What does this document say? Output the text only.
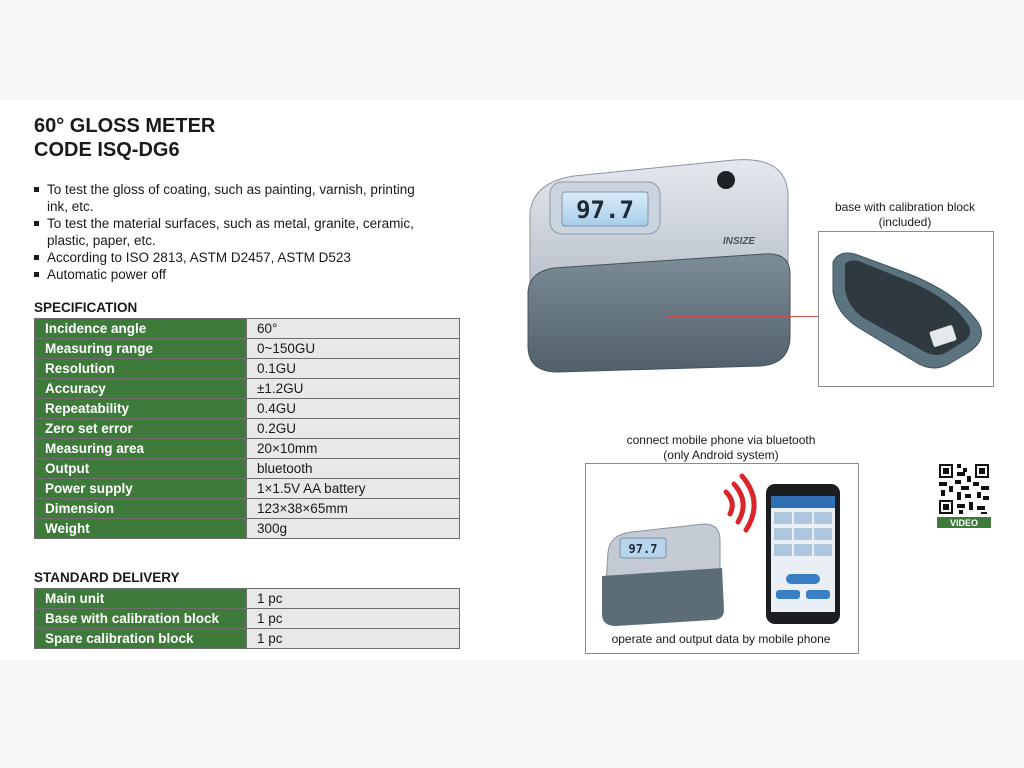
60° GLOSS METER
CODE ISQ-DG6
To test the gloss of coating, such as painting, varnish, printing ink, etc.
To test the material surfaces, such as metal, granite, ceramic, plastic, paper, etc.
According to ISO 2813, ASTM D2457, ASTM D523
Automatic power off
SPECIFICATION
Incidence angle	60°
Measuring range	0~150GU
Resolution	0.1GU
Accuracy	±1.2GU
Repeatability	0.4GU
Zero set error	0.2GU
Measuring area	20×10mm
Output	bluetooth
Power supply	1×1.5V AA battery
Dimension	123×38×65mm
Weight	300g
STANDARD DELIVERY
Main unit	1 pc
Base with calibration block	1 pc
Spare calibration block	1 pc
97.7
INSIZE
base with calibration block
(included)
connect mobile phone via bluetooth
(only Android system)
97.7
operate and output data by mobile phone
VIDEO
